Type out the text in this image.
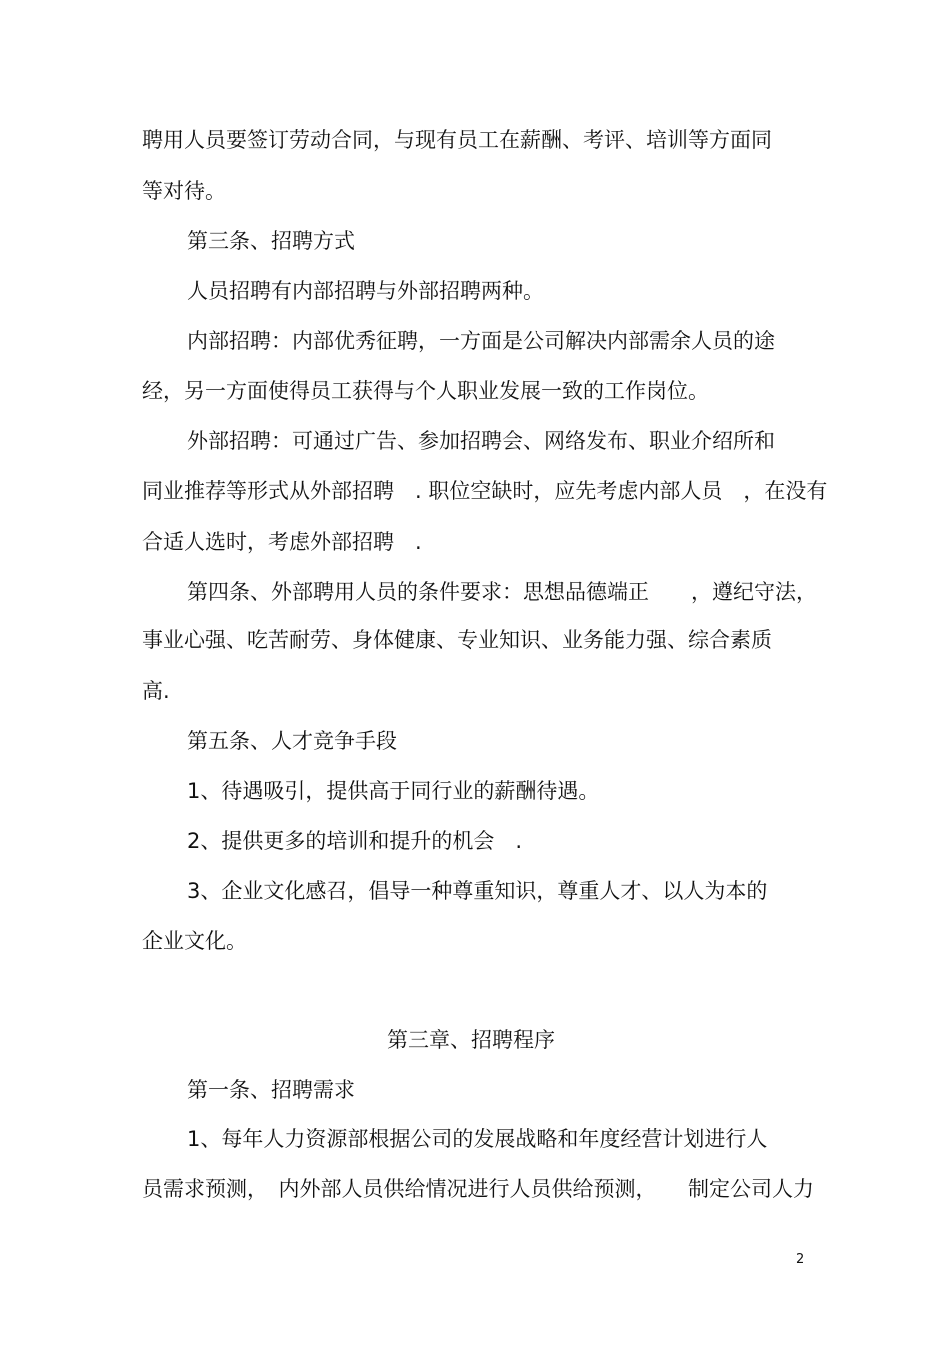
聘用人员要签订劳动合同，与现有员工在薪酬、考评、培训等方面同
等对待。
第三条、招聘方式
人员招聘有内部招聘与外部招聘两种。
内部招聘：内部优秀征聘，一方面是公司解决内部需余人员的途
经，另一方面使得员工获得与个人职业发展一致的工作岗位。
外部招聘：可通过广告、参加招聘会、网络发布、职业介绍所和
同业推荐等形式从外部招聘　. 职位空缺时，应先考虑内部人员　，在没有
合适人选时，考虑外部招聘　.
第四条、外部聘用人员的条件要求：思想品德端正　　，遵纪守法，
事业心强、吃苦耐劳、身体健康、专业知识、业务能力强、综合素质
高.
第五条、人才竞争手段
1、待遇吸引，提供高于同行业的薪酬待遇。
2、提供更多的培训和提升的机会　.
3、企业文化感召，倡导一种尊重知识，尊重人才、以人为本的
企业文化。
第三章、招聘程序
第一条、招聘需求
1、每年人力资源部根据公司的发展战略和年度经营计划进行人
员需求预测，　内外部人员供给情况进行人员供给预测，　　制定公司人力
2
